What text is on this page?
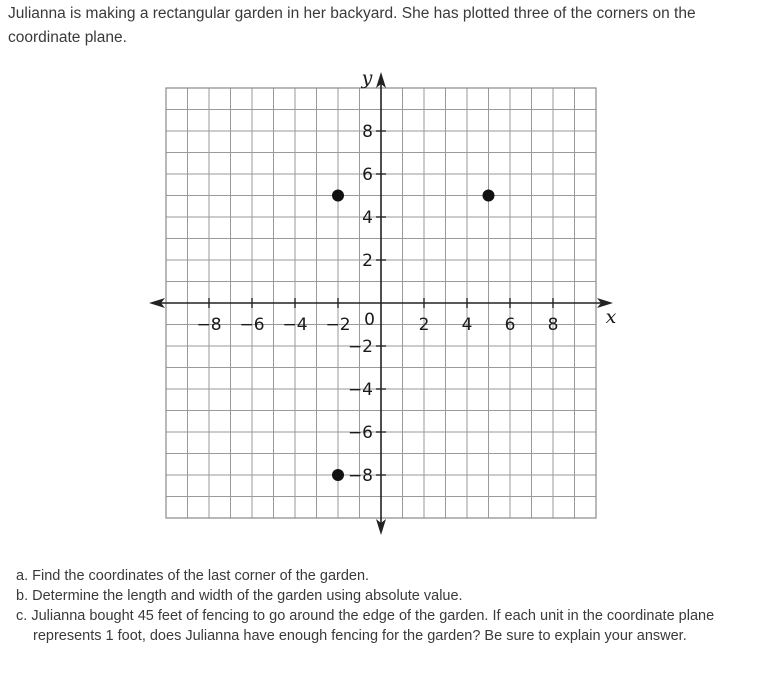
Julianna is making a rectangular garden in her backyard. She has plotted three of the corners on the coordinate plane.

−8 −6 −4 −2	2 4 6 8
8
6
4
2
−2
−4
−6
−8
0	x
y
a. Find the coordinates of the last corner of the garden.
b. Determine the length and width of the garden using absolute value.
c. Julianna bought 45 feet of fencing to go around the edge of the garden. If each unit in the coordinate plane represents 1 foot, does Julianna have enough fencing for the garden? Be sure to explain your answer.
